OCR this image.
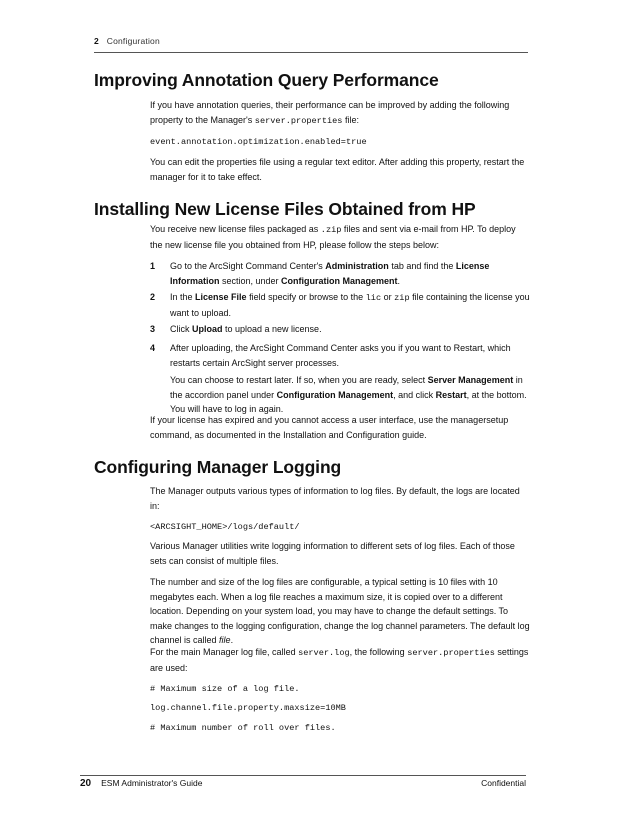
2 Configuration
Improving Annotation Query Performance
If you have annotation queries, their performance can be improved by adding the following property to the Manager's server.properties file:
event.annotation.optimization.enabled=true
You can edit the properties file using a regular text editor. After adding this property, restart the manager for it to take effect.
Installing New License Files Obtained from HP
You receive new license files packaged as .zip files and sent via e-mail from HP. To deploy the new license file you obtained from HP, please follow the steps below:
1 Go to the ArcSight Command Center's Administration tab and find the License Information section, under Configuration Management.
2 In the License File field specify or browse to the lic or zip file containing the license you want to upload.
3 Click Upload to upload a new license.
4 After uploading, the ArcSight Command Center asks you if you want to Restart, which restarts certain ArcSight server processes.
You can choose to restart later. If so, when you are ready, select Server Management in the accordion panel under Configuration Management, and click Restart, at the bottom. You will have to log in again.
If your license has expired and you cannot access a user interface, use the managersetup command, as documented in the Installation and Configuration guide.
Configuring Manager Logging
The Manager outputs various types of information to log files. By default, the logs are located in:
<ARCSIGHT_HOME>/logs/default/
Various Manager utilities write logging information to different sets of log files. Each of those sets can consist of multiple files.
The number and size of the log files are configurable, a typical setting is 10 files with 10 megabytes each. When a log file reaches a maximum size, it is copied over to a different location. Depending on your system load, you may have to change the default settings. To make changes to the logging configuration, change the log channel parameters. The default log channel is called file.
For the main Manager log file, called server.log, the following server.properties settings are used:
# Maximum size of a log file.
log.channel.file.property.maxsize=10MB
# Maximum number of roll over files.
20 ESM Administrator's Guide	Confidential
